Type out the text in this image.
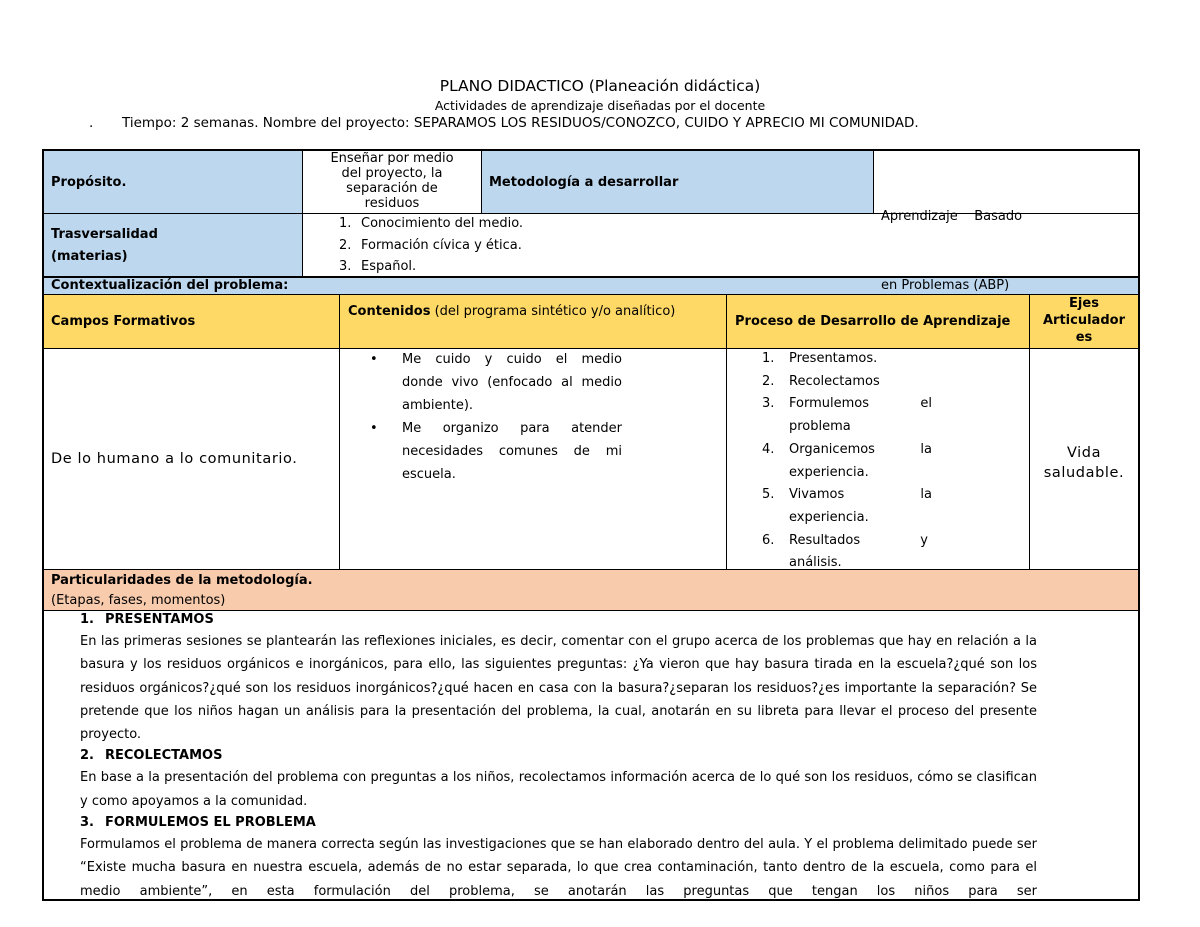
PLANO DIDACTICO (Planeación didáctica)
Actividades de aprendizaje diseñadas por el docente
. Tiempo: 2 semanas. Nombre del proyecto: SEPARAMOS LOS RESIDUOS/CONOZCO, CUIDO Y APRECIO MI COMUNIDAD.
Propósito.
Enseñar por medio
del proyecto, la
separación de
residuos
Metodología a desarrollar

Aprendizaje    Basado

en Problemas (ABP)

Trasversalidad
(materias)
1. Conocimiento del medio.
2. Formación cívica y ética.
3. Español.
Contextualización del problema:
Campos Formativos
Contenidos (del programa sintético y/o analítico)
Proceso de Desarrollo de Aprendizaje
Ejes
Articulador
es
De lo humano a lo comunitario.
• Me cuido y cuido el medio
donde vivo (enfocado al medio
ambiente).
• Me organizo para atender
necesidades comunes de mi
escuela.
1. Presentamos.
2. Recolectamos
3. Formulemos el
problema
4. Organicemos la
experiencia.
5. Vivamos la
experiencia.
6. Resultados y
análisis.
Vida
saludable.
Particularidades de la metodología.
(Etapas, fases, momentos)
1. PRESENTAMOS
En las primeras sesiones se plantearán las reflexiones iniciales, es decir, comentar con el grupo acerca de los problemas que hay en relación a la basura y los residuos orgánicos e inorgánicos, para ello, las siguientes preguntas: ¿Ya vieron que hay basura tirada en la escuela?¿qué son los residuos orgánicos?¿qué son los residuos inorgánicos?¿qué hacen en casa con la basura?¿separan los residuos?¿es importante la separación? Se pretende que los niños hagan un análisis para la presentación del problema, la cual, anotarán en su libreta para llevar el proceso del presente proyecto.
2. RECOLECTAMOS
En base a la presentación del problema con preguntas a los niños, recolectamos información acerca de lo qué son los residuos, cómo se clasifican y como apoyamos a la comunidad.
3. FORMULEMOS EL PROBLEMA
Formulamos el problema de manera correcta según las investigaciones que se han elaborado dentro del aula. Y el problema delimitado puede ser “Existe mucha basura en nuestra escuela, además de no estar separada, lo que crea contaminación, tanto dentro de la escuela, como para el medio ambiente”, en esta formulación del problema, se anotarán las preguntas que tengan los niños para ser
